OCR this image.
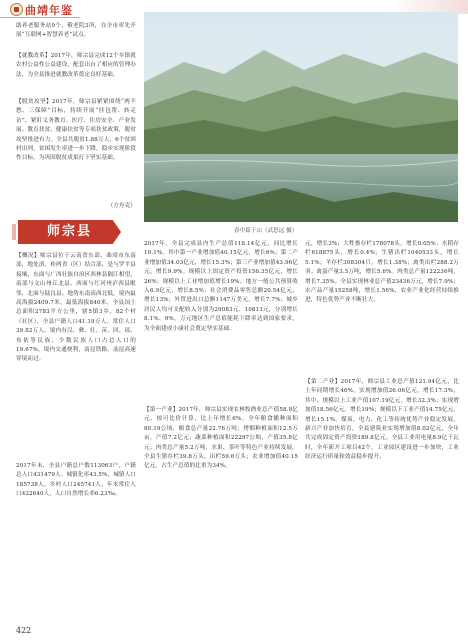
曲靖年鉴

助养老服务站9个，敬老院3所，在全市率先开展“互联网+智慧养老”试点。

【就教改革】2017年，师宗县完成12个乡镇就农村公益性公益建设，配套出台了相应的管理办法，为全县推进就教改革奠定良好基础。

【脱贫攻坚】2017年，师宗县紧紧围绕“两不愁、三保障”目标，持续开展“挂包帮、转走访”，紧盯义务教育、医疗、住房安全、产业发展、教育扶贫、健康扶贫等专项扶贫政策，脱贫攻坚推进有力。全县共脱贫1.88万人，6个贫困村出列，贫困发生率进一步下降，稳步实现阶段性目标，为巩固脱贫成果打下坚实基础。

（方舟克）

师宗县

【概况】师宗县位于云南省东部，曲靖市东南部，地处滇、桂两省（区）结合部，是与罗平县接壤，东面与广西壮族自治区西林县隔江相望，南部与文山州丘北县、西面与红河州泸西县毗邻，北面与陆良县、地势东南高西北低，境内最高海拔2409.7米，最低海拔840米。全县国土总面积2783平方公里，辖5镇3乡，82个村（社区），全县户籍人口41.19万人，常住人口39.82万人。境内有汉、彝、壮、苗、回、瑶、布依等民族，少数民族人口占总人口的19.67%。境内交通便利，南昆铁路、汕昆高速穿境而过。

2017年末，全县户籍总户数113063户，户籍总人口431479人。城镇化率43.5%，城镇人口185738人，乡村人口245741人。年末常住人口422640人，人口自然增长率6.23‰。

春中篇于山（武思远 摄）

2017年，全县完成县内生产总值118.14亿元，同比增长10.1%。其中第一产业增加值40.15亿元，增长6%；第二产业增加值34.03亿元，增长15.3%；第三产业增加值43.96亿元，增长9.9%。规模以上固定资产投资156.35亿元，增长26%；规模以上工业增加值增长19%。地方一般公共预算收入6.9亿元，增长8.5%；社会消费品零售总额20.54亿元，增长13%；外贸进出口总额1147万美元，增长7.7%；城乡居民人均可支配收入分别为29083元、10813元，分别增长8.1%、9%，万元地区生产总值能耗下降率达到国家要求，为全面建成小康社会奠定坚实基础。

【第一产业】2017年，师宗县实现农林牧渔业总产值58.8亿元，按可比价计算，比上年增长6%。全年粮食播种面积80.19公顷，粮食总产量22.76万吨；烤烟种植面积12.5万亩，产值7.2亿元；蔬菜种植面积22297公顷，产值35.8亿元；肉类总产量5.2万吨，水果、茶叶等特色产业持续发展。全县生猪存栏39.8万头，出栏59.6万头；农业增加值40.15亿元，占生产总值的比重为34%。

元，增长3%；大牲畜存栏178078头，增长0.05%；水稻存栏618875头，增长0.4%；生猪出栏1040533头，增长5.1%；羊存栏308304只，增长1.38%；禽类出栏288.2万羽；禽蛋产量3.5万吨，增长5.6%。肉类总产量122236吨，增长7.35%。全县实现林业总产值23436万元，增长7.9%；水产品产量15258吨，增长1.56%，农业产业化经营持续推进，特色优势产业不断壮大。

【第二产业】2017年，师宗县工业总产值121.94亿元，比上年同期增长46%，实现增加值26.06亿元，增长17.3%，其中，规模以上工业产值107.19亿元，增长32.3%；实现增加值18.56亿元，增长19%；规模以下工业产值14.75亿元，增长15.1%。煤炭、电力、化工等传统优势产业稳定发展，新兴产业加快培育，全县建筑业实现增加值8.02亿元，全年共完成固定资产投资189.8亿元。全县工业用电量8.9亿千瓦时，全年新开工项目42个，工业园区建设进一步加快，工业经济运行质量和效益稳步提升。

422
